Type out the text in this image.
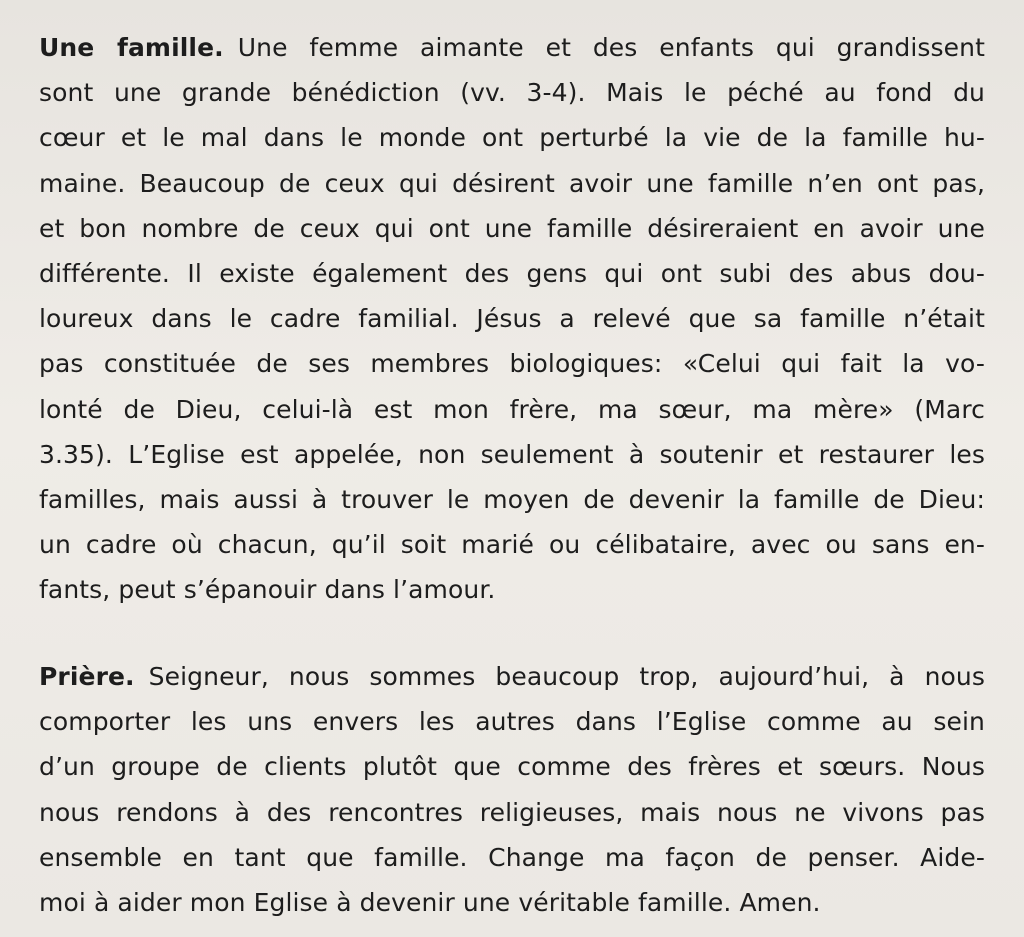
Une famille. Une femme aimante et des enfants qui grandissent
sont une grande bénédiction (vv. 3-4). Mais le péché au fond du
cœur et le mal dans le monde ont perturbé la vie de la famille hu-
maine. Beaucoup de ceux qui désirent avoir une famille n’en ont pas,
et bon nombre de ceux qui ont une famille désireraient en avoir une
différente. Il existe également des gens qui ont subi des abus dou-
loureux dans le cadre familial. Jésus a relevé que sa famille n’était
pas constituée de ses membres biologiques: «Celui qui fait la vo-
lonté de Dieu, celui-là est mon frère, ma sœur, ma mère» (Marc
3.35). L’Eglise est appelée, non seulement à soutenir et restaurer les
familles, mais aussi à trouver le moyen de devenir la famille de Dieu:
un cadre où chacun, qu’il soit marié ou célibataire, avec ou sans en-
fants, peut s’épanouir dans l’amour.
Prière. Seigneur, nous sommes beaucoup trop, aujourd’hui, à nous
comporter les uns envers les autres dans l’Eglise comme au sein
d’un groupe de clients plutôt que comme des frères et sœurs. Nous
nous rendons à des rencontres religieuses, mais nous ne vivons pas
ensemble en tant que famille. Change ma façon de penser. Aide-
moi à aider mon Eglise à devenir une véritable famille. Amen.
